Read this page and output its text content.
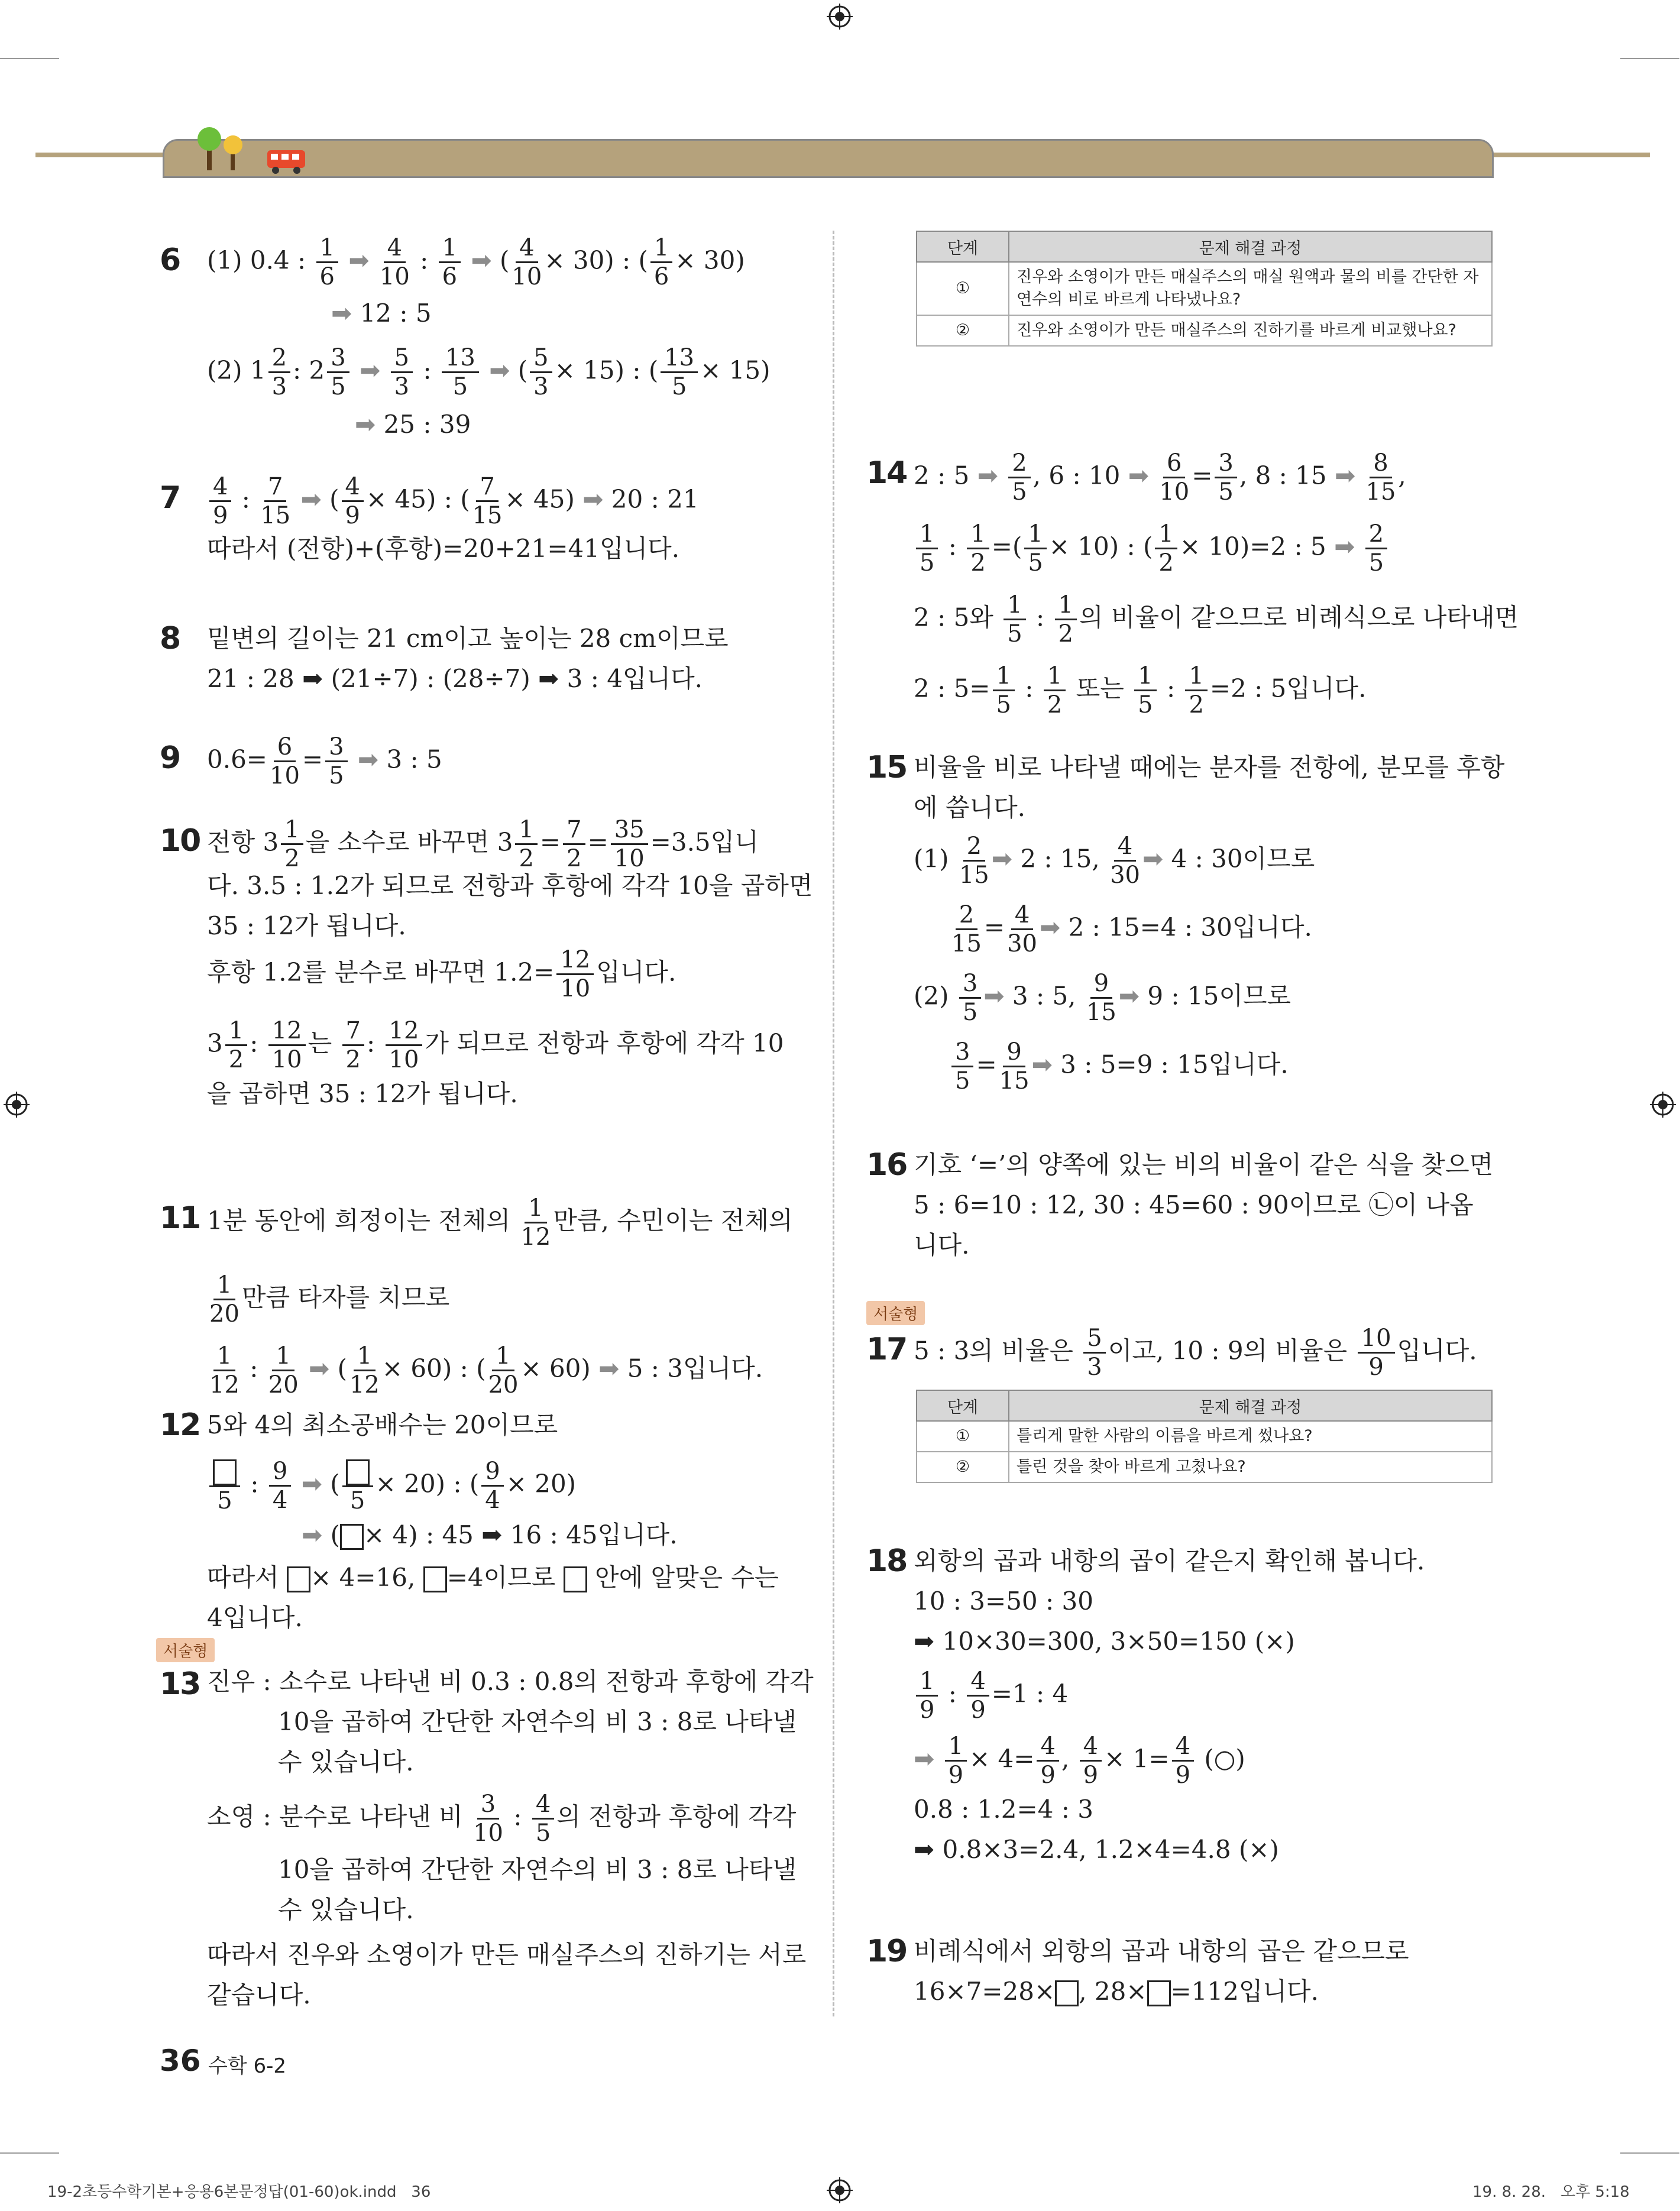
6 (1) 0.4 : $\frac{1}{6}$ ➡ $\frac{4}{10}$ : $\frac{1}{6}$ ➡ ( $\frac{4}{10} \times 30$) : ( $\frac{1}{6} \times 30$)
➡ 12 : 5
(2) $1 \frac{2}{3}$ : $2 \frac{3}{5}$ ➡ $\frac{5}{3}$ : $\frac{13}{5}$ ➡ ( $\frac{5}{3} \times 15$) : ( $\frac{13}{5} \times 15$)
➡ 25 : 39
$7 \frac{4}{9}$ : $\frac{7}{15}$ ➡ ( $\frac{4}{9} \times 45$) : ( $\frac{7}{15} \times 45$) ➡ 20 : 21
따라서 (전항)+(후항)=20+21=41입니다.
8 밑변의 길이는 21 cm이고 높이는 28 cm이므로
21 : 28 ➡ (21÷7) : (28÷7) ➡ 3 : 4입니다.
9 $0.6= \frac{6}{10} = \frac{3}{5}$ ➡ 3 : 5
10 전항 $3 \frac{1}{2}$ 을 소수로 바꾸면 $3 \frac{1}{2} = \frac{7}{2} = \frac{35}{10} =3.5$입니
다. 3.5 : 1.2가 되므로 전항과 후항에 각각 10을 곱하면
35 : 12가 됩니다.
후항 1.2를 분수로 바꾸면 $1.2= \frac{12}{10}$ 입니다.
$3 \frac{1}{2}$ : $\frac{12}{10}$ 는 $\frac{7}{2}$ : $\frac{12}{10}$ 가 되므로 전항과 후항에 각각 10
을 곱하면 35 : 12가 됩니다.
11 1분 동안에 희정이는 전체의 $\frac{1}{12}$ 만큼, 수민이는 전체의
$\frac{1}{20}$ 만큼 타자를 치므로
$\frac{1}{12}$ : $\frac{1}{20}$ ➡ ( $\frac{1}{12} \times 60$) : ( $\frac{1}{20} \times 60$) ➡ 5 : 3입니다.
12 5와 4의 최소공배수는 20이므로
5
: $\frac{9}{4}$ ➡ (
5
× 20) : ( $\frac{9}{4} \times 20$)
➡ ( × 4) : 45 ➡ 16 : 45입니다.
따라서 × 4=16, =4이므로 안에 알맞은 수는
4입니다.
서술형
13 진우 : 소수로 나타낸 비 0.3 : 0.8의 전항과 후항에 각각
10을 곱하여 간단한 자연수의 비 3 : 8로 나타낼
수 있습니다.
소영 : 분수로 나타낸 비 $\frac{3}{10}$ : $\frac{4}{5}$ 의 전항과 후항에 각각
10을 곱하여 간단한 자연수의 비 3 : 8로 나타낼
수 있습니다.
따라서 진우와 소영이가 만든 매실주스의 진하기는 서로
같습니다.
단계	문제 해결 과정
①	진우와 소영이가 만든 매실주스의 매실 원액과 물의 비를 간단한 자연수의 비로 바르게 나타냈나요?
②	진우와 소영이가 만든 매실주스의 진하기를 바르게 비교했나요?
14 2 : 5 ➡ $\frac{2}{5}$ , 6 : 10 ➡ $\frac{6}{10} = \frac{3}{5}$ , 8 : 15 ➡ $\frac{8}{15}$ ,
$\frac{1}{5}$ : $\frac{1}{2}$ =( $\frac{1}{5} \times 10$) : ( $\frac{1}{2} \times 10)=2$ : 5 ➡ $\frac{2}{5}$
2 : 5와 $\frac{1}{5}$ : $\frac{1}{2}$ 의 비율이 같으므로 비례식으로 나타내면
2 : $5= \frac{1}{5}$ : $\frac{1}{2}$ 또는 $\frac{1}{5}$ : $\frac{1}{2} =2$ : 5입니다.
15 비율을 비로 나타낼 때에는 분자를 전항에, 분모를 후항
에 씁니다.
$(1) \frac{2}{15}$ ➡ 2 : 15, $\frac{4}{30}$ ➡ 4 : 30이므로
$\frac{2}{15} = \frac{4}{30}$ ➡ 2 : 15=4 : 30입니다.
$(2) \frac{3}{5}$ ➡ 3 : 5, $\frac{9}{15}$ ➡ 9 : 15이므로
$\frac{3}{5} = \frac{9}{15}$ ➡ 3 : 5=9 : 15입니다.
16 기호 ‘=’의 양쪽에 있는 비의 비율이 같은 식을 찾으면
5 : 6=10 : 12, 30 : 45=60 : 90이므로 ㉡이 나옵
니다.
서술형
17 5 : 3의 비율은 $\frac{5}{3}$ 이고, 10 : 9의 비율은 $\frac{10}{9}$ 입니다.
단계	문제 해결 과정
①	틀리게 말한 사람의 이름을 바르게 썼나요?
②	틀린 것을 찾아 바르게 고쳤나요?
18 외항의 곱과 내항의 곱이 같은지 확인해 봅니다.
10 : 3=50 : 30
➡ 10×30=300, 3×50=150 (×)
$\frac{1}{9}$ : $\frac{4}{9} =1$ : 4
➡ $\frac{1}{9} \times 4= \frac{4}{9}$ , $\frac{4}{9} \times 1= \frac{4}{9}$ (○)
0.8 : 1.2=4 : 3
➡ 0.8×3=2.4, 1.2×4=4.8 (×)
19 비례식에서 외항의 곱과 내항의 곱은 같으므로
16×7=28× , 28× =112입니다.
36 수학 6-2
19-2초등수학기본+응용6본문정답(01-60)ok.indd   36	19. 8. 28.   오후 5:18
